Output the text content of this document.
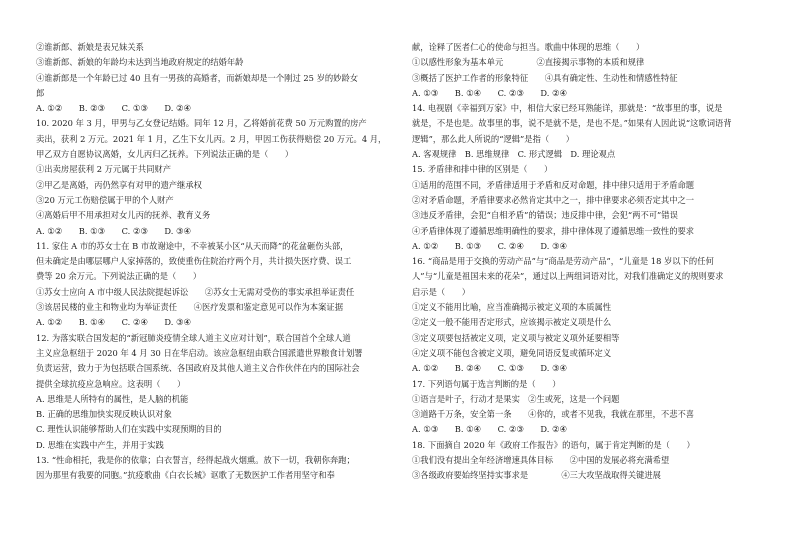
②谁新郎、新娘是表兄妹关系
③谁新郎、新娘的年龄均未达到当地政府规定的结婚年龄
④谁新郎是一个年龄已过 40 且有一男孩的高婚者，而新娘却是一个刚过 25 岁的妙龄女
郎
A. ①②　　B. ②③　　C. ①③　　D. ②④
10. 2020 年 3 月，甲男与乙女登记结婚。同年 12 月，乙将婚前花费 50 万元购置的房产
卖出，获利 2 万元。2021 年 1 月，乙生下女儿丙。2 月，甲因工伤获得赔偿 20 万元。4 月，
甲乙双方自愿协议离婚，女儿丙归乙抚养。下列说法正确的是（　　）
①出卖房屋获利 2 万元属于共同财产
②甲乙是离婚，丙仍然享有对甲的遗产继承权
③20 万元工伤赔偿属于甲的个人财产
④离婚后甲不用承担对女儿丙的抚养、教育义务
A. ①②　　B. ①③　　C. ②③　　D. ③④
11. 家住 A 市的苏女士在 B 市故谢途中，不幸被某小区“从天而降”的花盆砸伤头部，
但未确定是由哪层哪户人家掉落的，致使重伤住院治疗两个月，共计损失医疗费、误工
费等 20 余万元。下列说法正确的是（　　）
①苏女士应向 A 市中级人民法院提起诉讼　　②苏女士无需对受伤的事实承担举证责任
③该居民楼的业主和物业均为举证责任　　④医疗发票和鉴定意见可以作为本案证据
A. ①②　　B. ①④　　C. ②④　　D. ③④
12. 为落实联合国发起的“新冠肺炎疫情全球人道主义应对计划”，联合国首个全球人道
主义应急枢纽于 2020 年 4 月 30 日在华启动。该应急枢纽由联合国派遣世界粮食计划署
负责运营，致力于为包括联合国系统、各国政府及其他人道主义合作伙伴在内的国际社会
提供全球抗疫应急响应。这表明（　　）
A. 思维是人所特有的属性，是人脑的机能
B. 正确的思维加快实现反映认识对象
C. 理性认识能够帮助人们在实践中实现预期的目的
D. 思维在实践中产生，并用于实践
13. “性命相托，我是你的依靠；白衣誓言，经得起战火烟熏。放下一切，我朝你奔跑；
因为那里有我要的同胞。”抗疫歌曲《白衣长城》讴歌了无数医护工作者用坚守和奉
献，诠释了医者仁心的使命与担当。歌曲中体现的思维（　　）
①以感性形象为基本单元　　　　②直接揭示事物的本质和规律
③概括了医护工作者的形象特征　　④具有确定性、生动性和情感性特征
A. ①③　　B. ①④　　C. ②③　　D. ②④
14. 电视剧《幸福到万家》中，相信大家已经耳熟能详，那就是：“故事里的事，说是
就是，不是也是。故事里的事，说不是就不是，是也不是。”如果有人因此说“这歌词语背
逻辑”，那么此人所说的“逻辑”是指（　　）
A. 客观规律　B. 思维规律　C. 形式逻辑　D. 理论观点
15. 矛盾律和排中律的区别是（　　）
①适用的范围不同，矛盾律适用于矛盾和反对命题，排中律只适用于矛盾命题
②对矛盾命题，矛盾律要求必然肯定其中之一，排中律要求必须否定其中之一
③违反矛盾律，会犯“自相矛盾”的错误；违反排中律，会犯“两不可”错误
④矛盾律体现了遵循思维明确性的要求，排中律体现了遵循思维一致性的要求
A. ①②　　B. ①③　　C. ②④　　D. ③④
16. “商品是用于交换的劳动产品”与“商品是劳动产品”，“儿童是 18 岁以下的任何
人”与“儿童是祖国未来的花朵”，通过以上两组词语对比，对我们准确定义的规则要求
启示是（　　）
①定义不能用比喻，应当准确揭示被定义项的本质属性
②定义一般不能用否定形式，应该揭示被定义项是什么
③定义项要包括被定义项，定义项与被定义项外延要相等
④定义项不能包含被定义项，避免同语反复或循环定义
A. ①②　　B. ②④　　C. ①③　　D. ③④
17. 下列语句属于选言判断的是（　　）
①语言是叶子，行动才是果实　②生或死，这是一个问题
③道路千万条，安全第一条　　④你的，或者不见我，我就在那里，不悲不喜
A. ①③　　B. ①④　　C. ②③　　D. ②④
18. 下面摘自 2020 年《政府工作报告》的语句，属于肯定判断的是（　　）
①我们没有提出全年经济增速具体目标　　②中国的发展必将充满希望
③各级政府要始终坚持实事求是　　　　④三大攻坚战取得关键进展
